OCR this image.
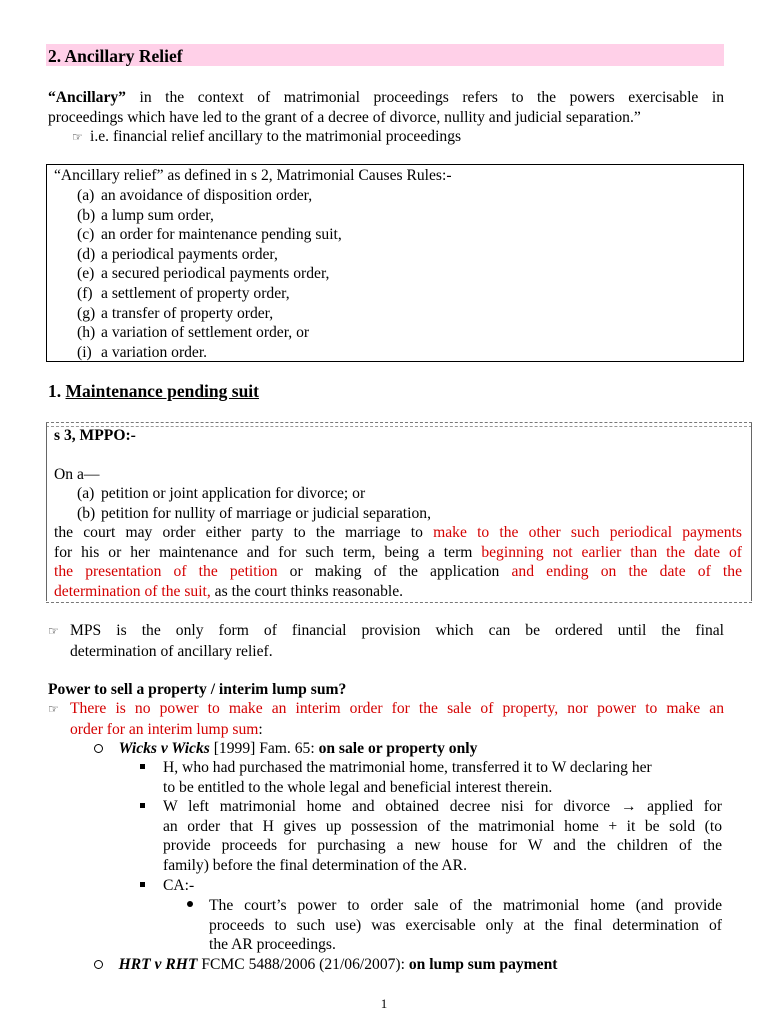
2. Ancillary Relief
“Ancillary” in the context of matrimonial proceedings refers to the powers exercisable in
proceedings which have led to the grant of a decree of divorce, nullity and judicial separation.”
☞ i.e. financial relief ancillary to the matrimonial proceedings
“Ancillary relief” as defined in s 2, Matrimonial Causes Rules:-
(a) an avoidance of disposition order,
(b) a lump sum order,
(c) an order for maintenance pending suit,
(d) a periodical payments order,
(e) a secured periodical payments order,
(f) a settlement of property order,
(g) a transfer of property order,
(h) a variation of settlement order, or
(i) a variation order.
1. Maintenance pending suit
s 3, MPPO:-
On a—
(a) petition or joint application for divorce; or
(b) petition for nullity of marriage or judicial separation,
the court may order either party to the marriage to make to the other such periodical payments
for his or her maintenance and for such term, being a term beginning not earlier than the date of
the presentation of the petition or making of the application and ending on the date of the
determination of the suit, as the court thinks reasonable.
☞ MPS is the only form of financial provision which can be ordered until the final
determination of ancillary relief.
Power to sell a property / interim lump sum?
☞ There is no power to make an interim order for the sale of property, nor power to make an
order for an interim lump sum:
Wicks v Wicks [1999] Fam. 65: on sale or property only
H, who had purchased the matrimonial home, transferred it to W declaring her
to be entitled to the whole legal and beneficial interest therein.
W left matrimonial home and obtained decree nisi for divorce → applied for
an order that H gives up possession of the matrimonial home + it be sold (to
provide proceeds for purchasing a new house for W and the children of the
family) before the final determination of the AR.
CA:-
The court’s power to order sale of the matrimonial home (and provide
proceeds to such use) was exercisable only at the final determination of
the AR proceedings.
HRT v RHT FCMC 5488/2006 (21/06/2007): on lump sum payment
1
